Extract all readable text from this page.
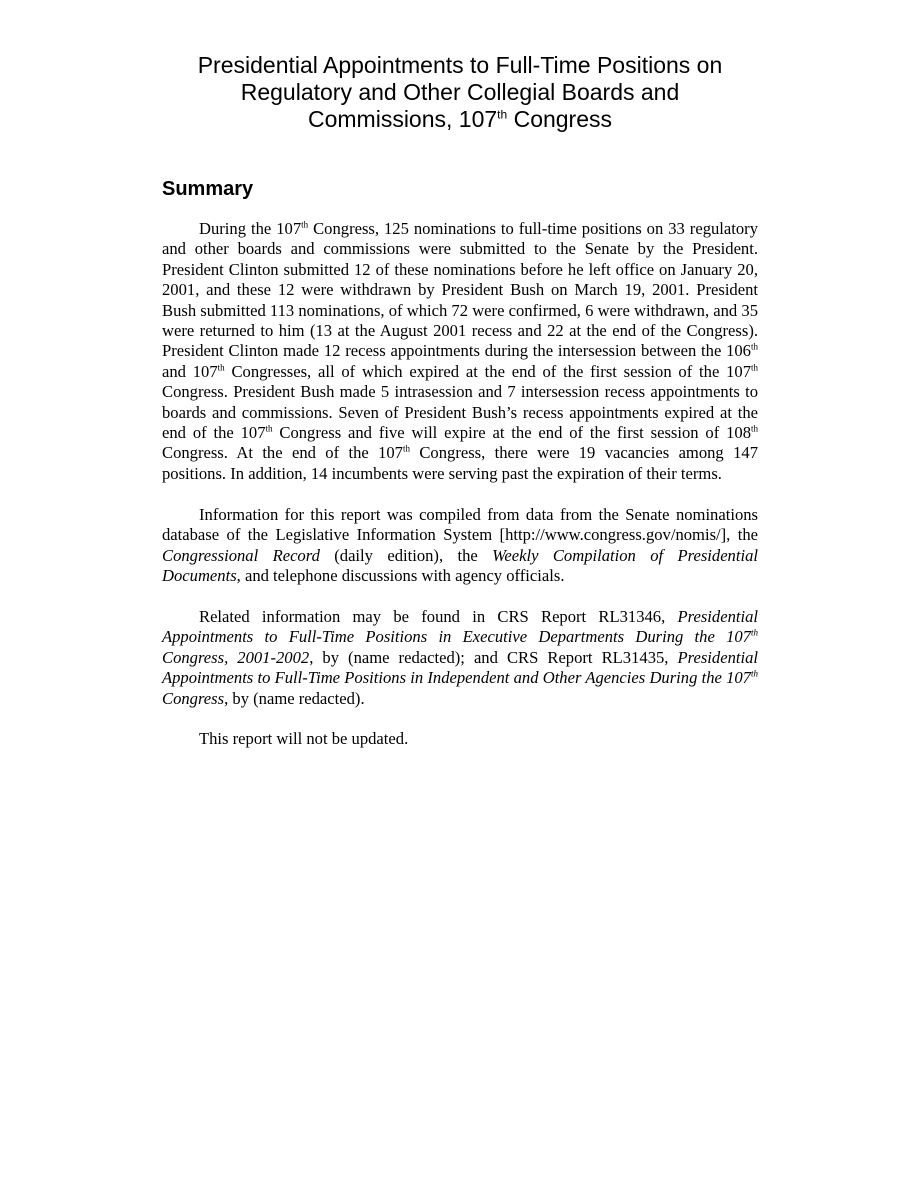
Presidential Appointments to Full-Time Positions on
Regulatory and Other Collegial Boards and
Commissions, 107th Congress
Summary

During the 107th Congress, 125 nominations to full-time positions on 33 regulatory and other boards and commissions were submitted to the Senate by the President. President Clinton submitted 12 of these nominations before he left office on January 20, 2001, and these 12 were withdrawn by President Bush on March 19, 2001. President Bush submitted 113 nominations, of which 72 were confirmed, 6 were withdrawn, and 35 were returned to him (13 at the August 2001 recess and 22 at the end of the Congress). President Clinton made 12 recess appointments during the intersession between the 106th and 107th Congresses, all of which expired at the end of the first session of the 107th Congress. President Bush made 5 intrasession and 7 intersession recess appointments to boards and commissions. Seven of President Bush’s recess appointments expired at the end of the 107th Congress and five will expire at the end of the first session of 108th Congress. At the end of the 107th Congress, there were 19 vacancies among 147 positions. In addition, 14 incumbents were serving past the expiration of their terms.

Information for this report was compiled from data from the Senate nominations database of the Legislative Information System [http://www.congress.gov/nomis/], the Congressional Record (daily edition), the Weekly Compilation of Presidential Documents, and telephone discussions with agency officials.

Related information may be found in CRS Report RL31346, Presidential Appointments to Full-Time Positions in Executive Departments During the 107th Congress, 2001-2002, by (name redacted); and CRS Report RL31435, Presidential Appointments to Full-Time Positions in Independent and Other Agencies During the 107th Congress, by (name redacted).

This report will not be updated.
